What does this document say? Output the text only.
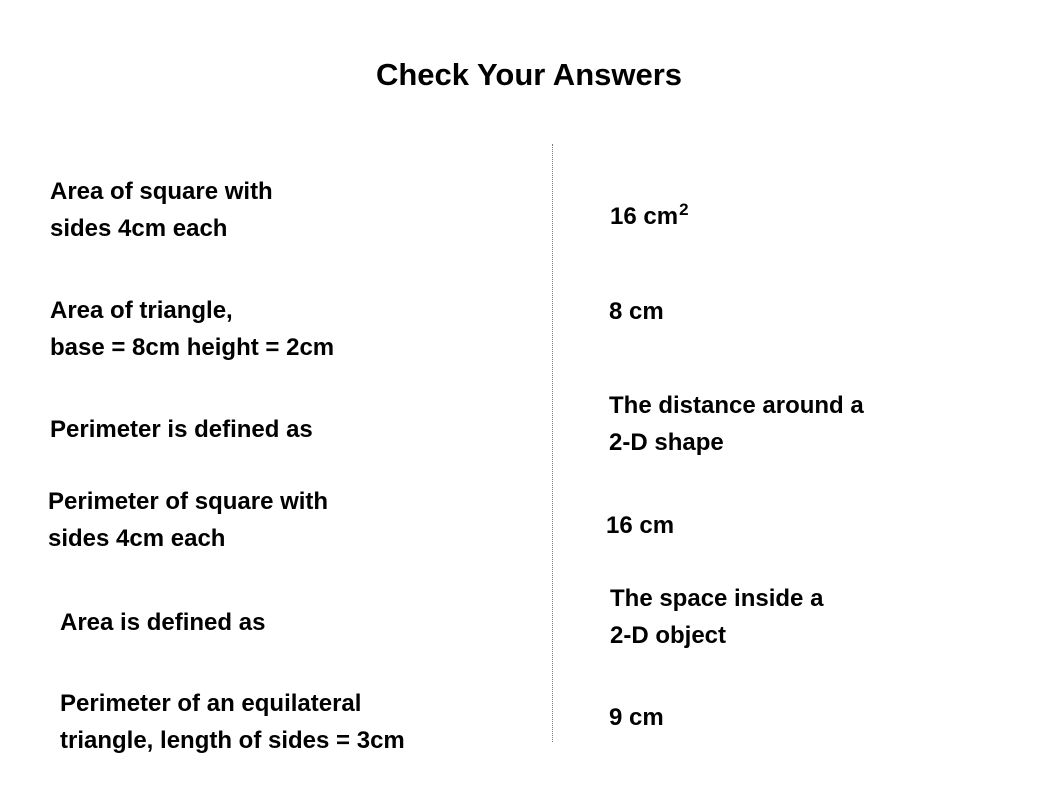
Check Your Answers
Area of square with
sides 4cm each
Area of triangle,
base = 8cm height = 2cm
Perimeter is defined as
Perimeter of square with
sides 4cm each
Area is defined as
Perimeter of an equilateral
triangle, length of sides = 3cm
16 $cm^2$
8 cm
The distance around a
2-D shape
16 cm
The space inside a
2-D object
9 cm
